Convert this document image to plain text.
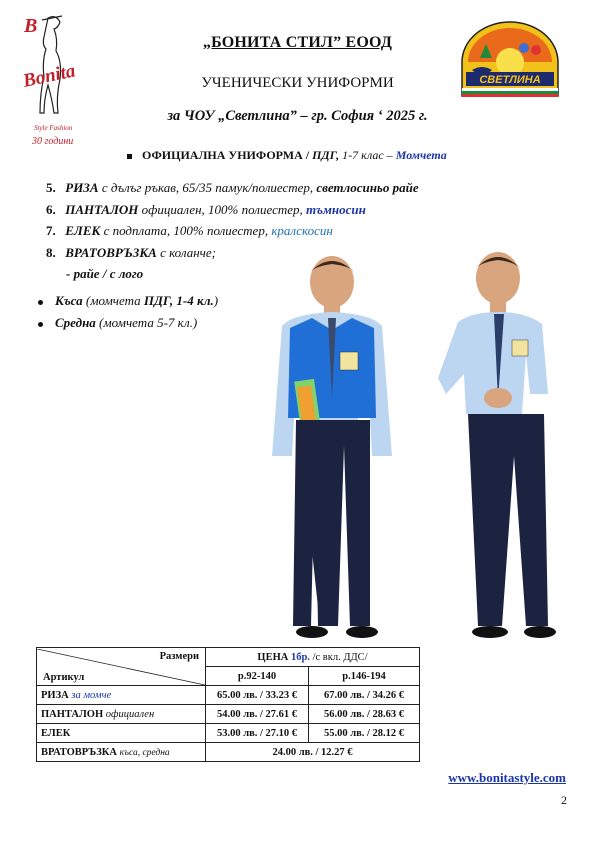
B
Bonita
Style Fashion
30 години
СВЕТЛИНА
„БОНИТА СТИЛ” ЕООД
УЧЕНИЧЕСКИ УНИФОРМИ
за ЧОУ „Светлина” – гр. София ‘ 2025 г.
ОФИЦИАЛНА УНИФОРМА / ПДГ, 1-7 клас – Момчета
5. РИЗА с дълъг ръкав, 65/35 памук/полиестер, светлосиньо райе
6. ПАНТАЛОН официален, 100% полиестер, тъмносин
7. ЕЛЕК с подплата, 100% полиестер, кралскосин
8. ВРАТОВРЪЗКА с коланче;
- райе / с лого
Къса (момчета ПДГ, 1-4 кл.)
Средна (момчета 5-7 кл.)
Размери
Артикул	ЦЕНА 1бр. /с вкл. ДДС/	
	р.92-140	р.146-194
РИЗА за момче	65.00 лв. / 33.23 €	67.00 лв. / 34.26 €
ПАНТАЛОН официален	54.00 лв. / 27.61 €	56.00 лв. / 28.63 €
ЕЛЕК	53.00 лв. / 27.10 €	55.00 лв. / 28.12 €
ВРАТОВРЪЗКА къса, средна	24.00 лв. / 12.27 €	
www.bonitastyle.com
2
